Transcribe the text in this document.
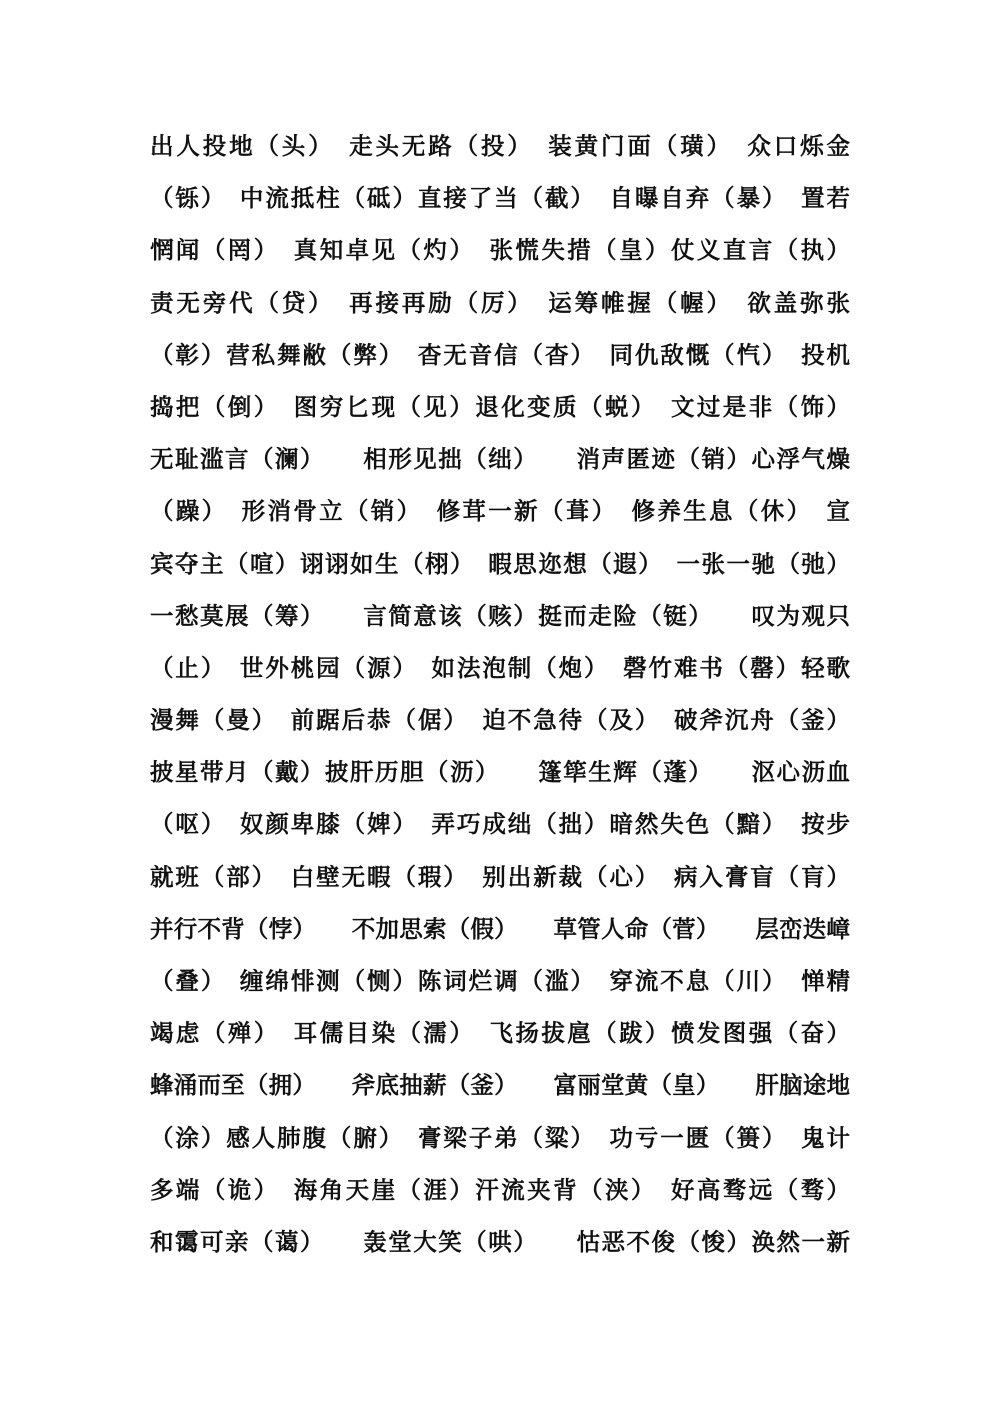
出人投地（头）　走头无路（投）　装黄门面（璜）　众口烁金
（铄）　中流抵柱（砥）直接了当（截）　自曝自弃（暴）　置若
惘闻（罔）　真知卓见（灼）　张慌失措（皇）仗义直言（执）
责无旁代（贷）　再接再励（厉）　运筹帷握（幄）　欲盖弥张
（彰）营私舞敝（弊）　杳无音信（杳）　同仇敌慨（忾）　投机
捣把（倒）　图穷匕现（见）退化变质（蜕）　文过是非（饰）
无耻滥言（澜）　　相形见拙（绌）　　消声匿迹（销）心浮气燥
（躁）　形消骨立（销）　修茸一新（葺）　修养生息（休）　宣
宾夺主（喧）诩诩如生（栩）　暇思迩想（遐）　一张一驰（弛）
一愁莫展（筹）　　言简意该（赅）挺而走险（铤）　　叹为观只
（止）　世外桃园（源）　如法泡制（炮）　磬竹难书（罄）轻歌
漫舞（曼）　前踞后恭（倨）　迫不急待（及）　破斧沉舟（釜）
披星带月（戴）披肝历胆（沥）　　篷筚生辉（蓬）　　沤心沥血
（呕）　奴颜卑膝（婢）　弄巧成绌（拙）暗然失色（黯）　按步
就班（部）　白壁无暇（瑕）　别出新裁（心）　病入膏盲（肓）
并行不背（悖）　　不加思索（假）　　草管人命（菅）　　层峦迭嶂
（叠）　缠绵悱测（恻）陈词烂调（滥）　穿流不息（川）　惮精
竭虑（殚）　耳儒目染（濡）　飞扬拔扈（跋）愤发图强（奋）
蜂涌而至（拥）　　斧底抽薪（釜）　　富丽堂黄（皇）　　肝脑途地
（涂）感人肺腹（腑）　膏梁子弟（粱）　功亏一匮（篑）　鬼计
多端（诡）　海角天崖（涯）汗流夹背（浃）　好高骛远（骛）
和霭可亲（蔼）　　轰堂大笑（哄）　　怙恶不俊（悛）涣然一新
